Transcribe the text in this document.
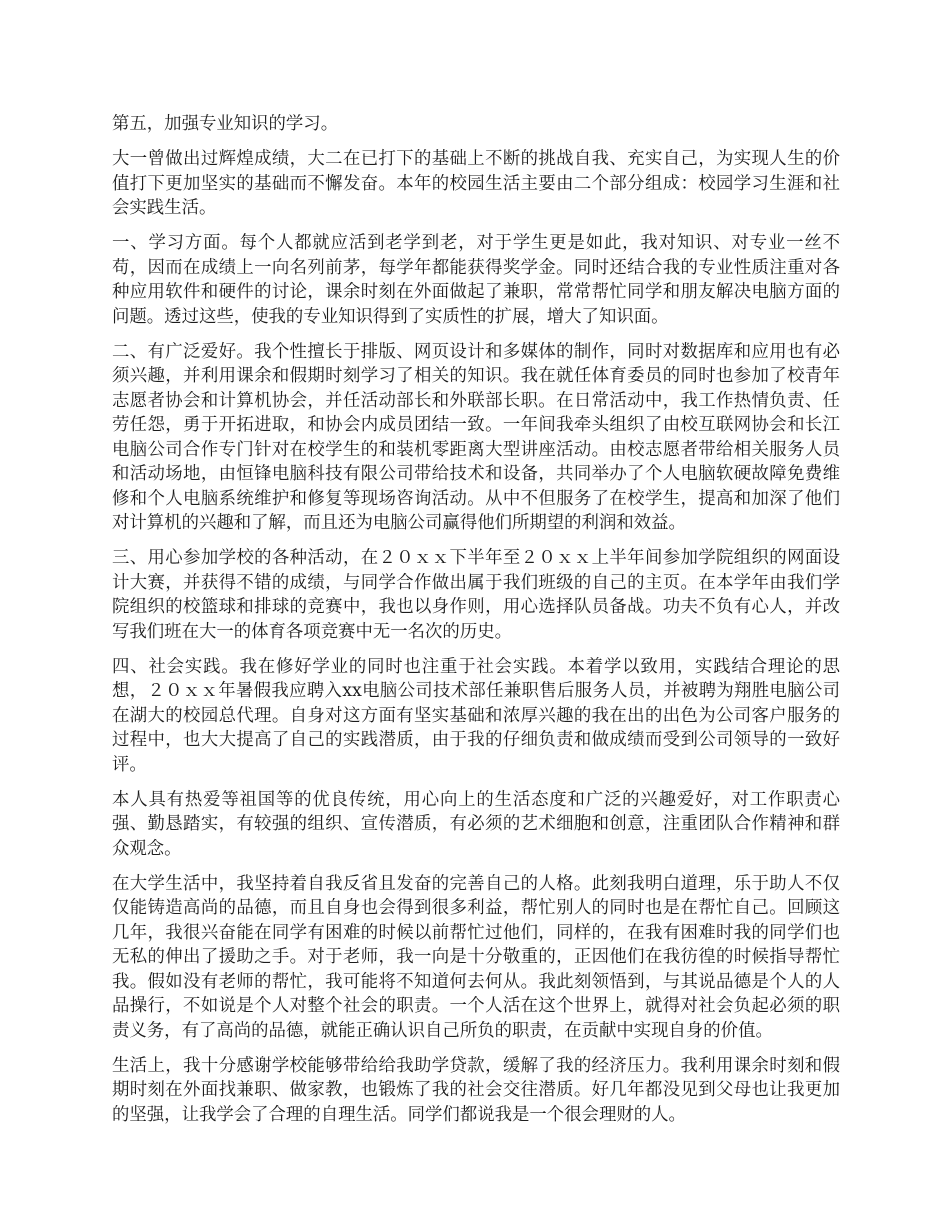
第五，加强专业知识的学习。

大一曾做出过辉煌成绩，大二在已打下的基础上不断的挑战自我、充实自己，为实现人生的价值打下更加坚实的基础而不懈发奋。本年的校园生活主要由二个部分组成：校园学习生涯和社会实践生活。

一、学习方面。每个人都就应活到老学到老，对于学生更是如此，我对知识、对专业一丝不苟，因而在成绩上一向名列前茅，每学年都能获得奖学金。同时还结合我的专业性质注重对各种应用软件和硬件的讨论，课余时刻在外面做起了兼职，常常帮忙同学和朋友解决电脑方面的问题。透过这些，使我的专业知识得到了实质性的扩展，增大了知识面。

二、有广泛爱好。我个性擅长于排版、网页设计和多媒体的制作，同时对数据库和应用也有必须兴趣，并利用课余和假期时刻学习了相关的知识。我在就任体育委员的同时也参加了校青年志愿者协会和计算机协会，并任活动部长和外联部长职。在日常活动中，我工作热情负责、任劳任怨，勇于开拓进取，和协会内成员团结一致。一年间我牵头组织了由校互联网协会和长江电脑公司合作专门针对在校学生的和装机零距离大型讲座活动。由校志愿者带给相关服务人员和活动场地，由恒锋电脑科技有限公司带给技术和设备，共同举办了个人电脑软硬故障免费维修和个人电脑系统维护和修复等现场咨询活动。从中不但服务了在校学生，提高和加深了他们对计算机的兴趣和了解，而且还为电脑公司赢得他们所期望的利润和效益。

三、用心参加学校的各种活动，在２０ｘｘ下半年至２０ｘｘ上半年间参加学院组织的网面设计大赛，并获得不错的成绩，与同学合作做出属于我们班级的自己的主页。在本学年由我们学院组织的校篮球和排球的竞赛中，我也以身作则，用心选择队员备战。功夫不负有心人，并改写我们班在大一的体育各项竞赛中无一名次的历史。

四、社会实践。我在修好学业的同时也注重于社会实践。本着学以致用，实践结合理论的思想，２０ｘｘ年暑假我应聘入xx电脑公司技术部任兼职售后服务人员，并被聘为翔胜电脑公司在湖大的校园总代理。自身对这方面有坚实基础和浓厚兴趣的我在出的出色为公司客户服务的过程中，也大大提高了自己的实践潜质，由于我的仔细负责和做成绩而受到公司领导的一致好评。

本人具有热爱等祖国等的优良传统，用心向上的生活态度和广泛的兴趣爱好，对工作职责心强、勤恳踏实，有较强的组织、宣传潜质，有必须的艺术细胞和创意，注重团队合作精神和群众观念。

在大学生活中，我坚持着自我反省且发奋的完善自己的人格。此刻我明白道理，乐于助人不仅仅能铸造高尚的品德，而且自身也会得到很多利益，帮忙别人的同时也是在帮忙自己。回顾这几年，我很兴奋能在同学有困难的时候以前帮忙过他们，同样的，在我有困难时我的同学们也无私的伸出了援助之手。对于老师，我一向是十分敬重的，正因他们在我彷徨的时候指导帮忙我。假如没有老师的帮忙，我可能将不知道何去何从。我此刻领悟到，与其说品德是个人的人品操行，不如说是个人对整个社会的职责。一个人活在这个世界上，就得对社会负起必须的职责义务，有了高尚的品德，就能正确认识自己所负的职责，在贡献中实现自身的价值。

生活上，我十分感谢学校能够带给给我助学贷款，缓解了我的经济压力。我利用课余时刻和假期时刻在外面找兼职、做家教，也锻炼了我的社会交往潜质。好几年都没见到父母也让我更加的坚强，让我学会了合理的自理生活。同学们都说我是一个很会理财的人。
